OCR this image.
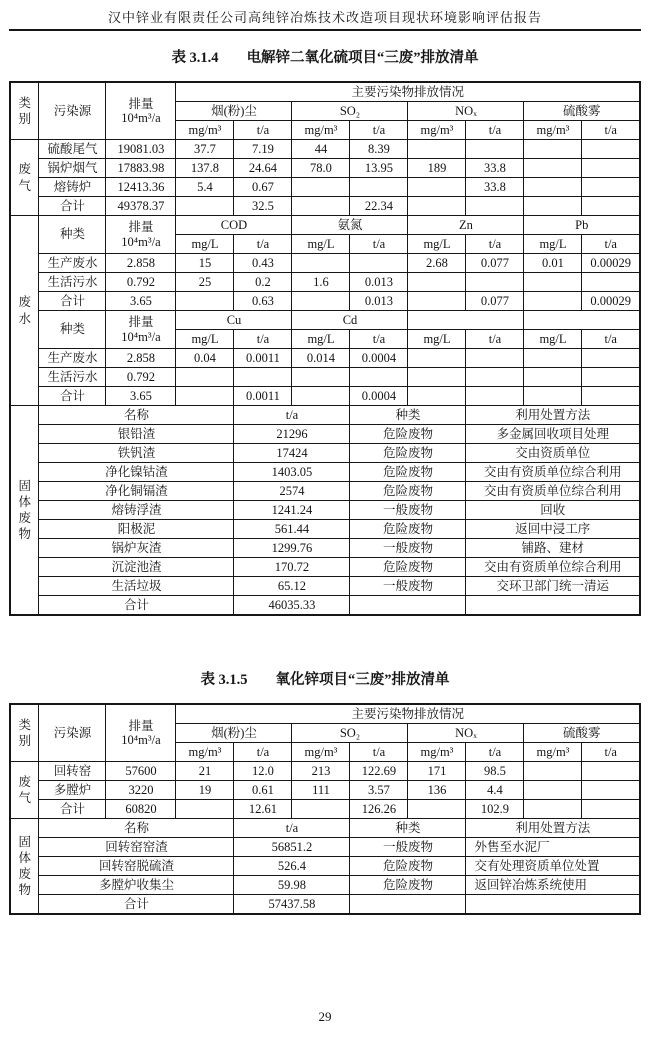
汉中锌业有限责任公司高纯锌冶炼技术改造项目现状环境影响评估报告
表 3.1.4 电解锌二氧化硫项目“三废”排放清单
类别	污染源	排量 10⁴m³/a	主要污染物排放情况							
			烟(粉)尘		SO₂		NOₓ		硫酸雾	
			mg/m³	t/a	mg/m³	t/a	mg/m³	t/a	mg/m³	t/a
废气	硫酸尾气	19081.03	37.7	7.19	44	8.39				
	锅炉烟气	17883.98	137.8	24.64	78.0	13.95	189	33.8		
	熔铸炉	12413.36	5.4	0.67				33.8		
	合计	49378.37		32.5		22.34				
废水	种类	排量 10⁴m³/a	COD		氨氮		Zn		Pb	
			mg/L	t/a	mg/L	t/a	mg/L	t/a	mg/L	t/a
	生产废水	2.858	15	0.43			2.68	0.077	0.01	0.00029
	生活污水	0.792	25	0.2	1.6	0.013				
	合计	3.65		0.63		0.013		0.077		0.00029
	种类	排量 10⁴m³/a	Cu		Cd					
			mg/L	t/a	mg/L	t/a	mg/L	t/a	mg/L	t/a
	生产废水	2.858	0.04	0.0011	0.014	0.0004				
	生活污水	0.792								
	合计	3.65		0.0011		0.0004				
固体废物	名称			t/a		种类		利用处置方法		
	银铅渣			21296		危险废物		多金属回收项目处理		
	铁钒渣			17424		危险废物		交由资质单位		
	净化镍钴渣			1403.05		危险废物		交由有资质单位综合利用		
	净化铜镉渣			2574		危险废物		交由有资质单位综合利用		
	熔铸浮渣			1241.24		一般废物		回收		
	阳极泥			561.44		危险废物		返回中浸工序		
	锅炉灰渣			1299.76		一般废物		铺路、建材		
	沉淀池渣			170.72		危险废物		交由有资质单位综合利用		
	生活垃圾			65.12		一般废物		交环卫部门统一清运		
	合计			46035.33						
表 3.1.5 氧化锌项目“三废”排放清单
类别	污染源	排量 10⁴m³/a	主要污染物排放情况							
			烟(粉)尘		SO₂		NOₓ		硫酸雾	
			mg/m³	t/a	mg/m³	t/a	mg/m³	t/a	mg/m³	t/a
废气	回转窑	57600	21	12.0	213	122.69	171	98.5		
	多膛炉	3220	19	0.61	111	3.57	136	4.4		
	合计	60820		12.61		126.26		102.9		
固体废物	名称			t/a		种类		利用处置方法		
	回转窑窑渣			56851.2		一般废物		外售至水泥厂		
	回转窑脱硫渣			526.4		危险废物		交有处理资质单位处置		
	多膛炉收集尘			59.98		危险废物		返回锌冶炼系统使用		
	合计			57437.58						
29
